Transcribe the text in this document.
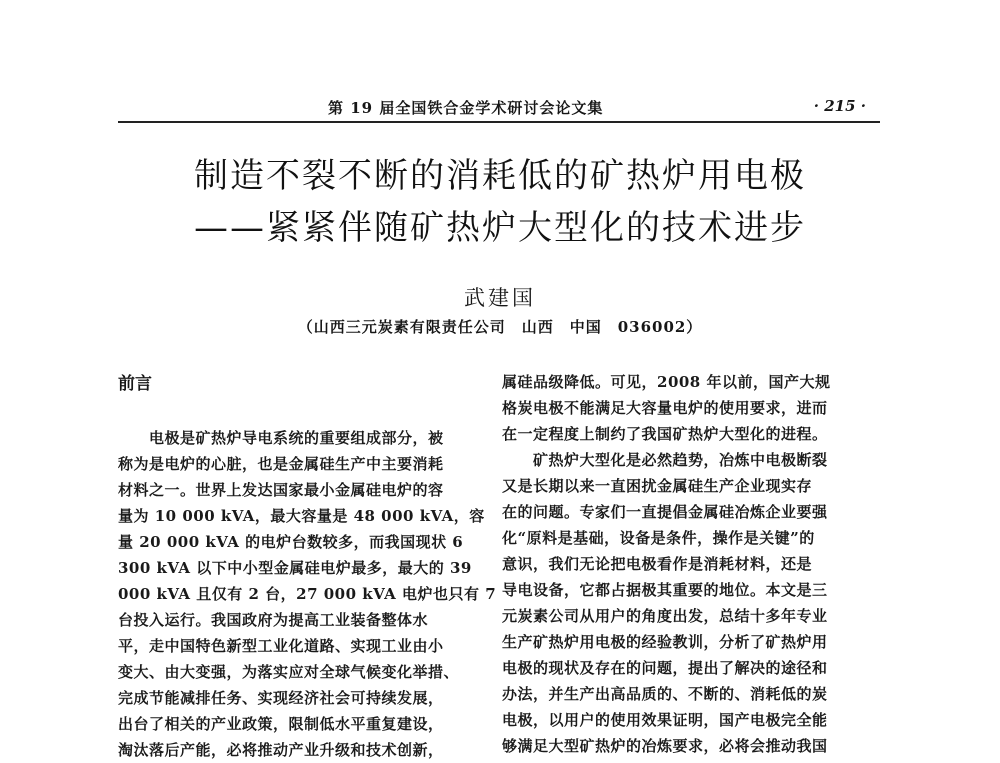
第 19 届全国铁合金学术研讨会论文集	· 215 ·
制造不裂不断的消耗低的矿热炉用电极
——紧紧伴随矿热炉大型化的技术进步
武建国
（山西三元炭素有限责任公司　山西　中国　036002）
前言
　　电极是矿热炉导电系统的重要组成部分，被
称为是电炉的心脏，也是金属硅生产中主要消耗
材料之一。世界上发达国家最小金属硅电炉的容
量为 10 000 kVA，最大容量是 48 000 kVA，容
量 20 000 kVA 的电炉台数较多，而我国现状 6
300 kVA 以下中小型金属硅电炉最多，最大的 39
000 kVA 且仅有 2 台，27 000 kVA 电炉也只有 7
台投入运行。我国政府为提高工业装备整体水
平，走中国特色新型工业化道路、实现工业由小
变大、由大变强，为落实应对全球气候变化举措、
完成节能减排任务、实现经济社会可持续发展，
出台了相关的产业政策，限制低水平重复建设，
淘汰落后产能，必将推动产业升级和技术创新，
属硅品级降低。可见，2008 年以前，国产大规
格炭电极不能满足大容量电炉的使用要求，进而
在一定程度上制约了我国矿热炉大型化的进程。
　　矿热炉大型化是必然趋势，冶炼中电极断裂
又是长期以来一直困扰金属硅生产企业现实存
在的问题。专家们一直提倡金属硅冶炼企业要强
化“原料是基础，设备是条件，操作是关键”的
意识，我们无论把电极看作是消耗材料，还是
导电设备，它都占据极其重要的地位。本文是三
元炭素公司从用户的角度出发，总结十多年专业
生产矿热炉用电极的经验教训，分析了矿热炉用
电极的现状及存在的问题，提出了解决的途径和
办法，并生产出高品质的、不断的、消耗低的炭
电极，以用户的使用效果证明，国产电极完全能
够满足大型矿热炉的冶炼要求，必将会推动我国
